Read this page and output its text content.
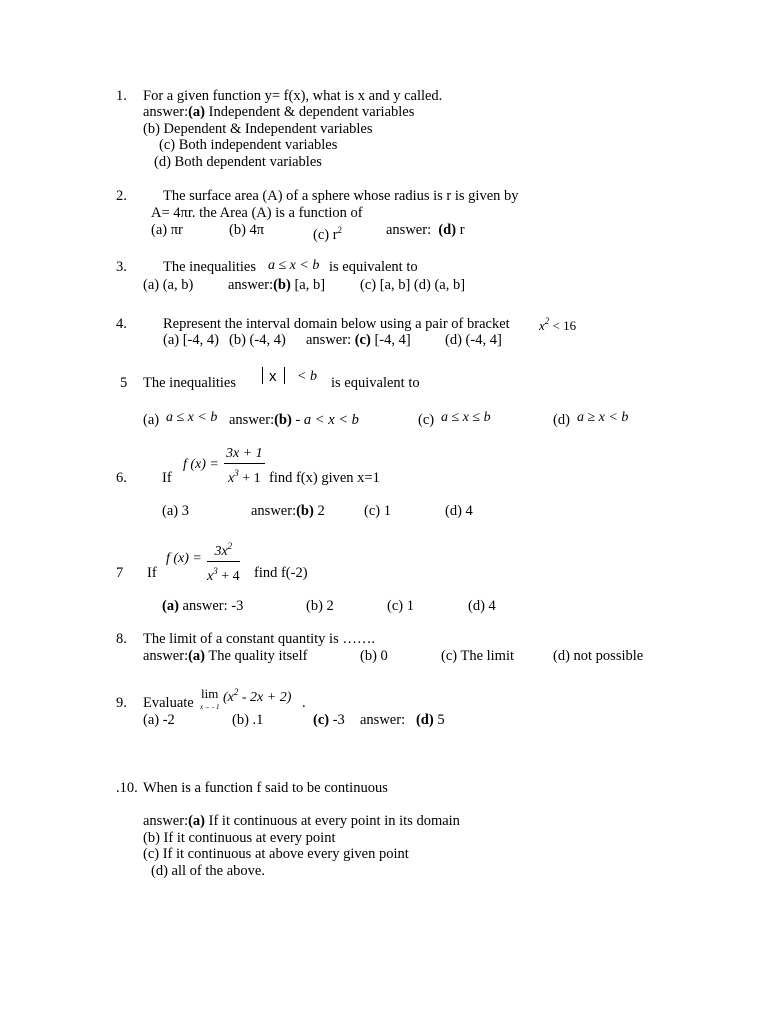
1. For a given function y= f(x), what is x and y called.
answer:(a) Independent & dependent variables
(b) Dependent & Independent variables
(c) Both independent variables
(d) Both dependent variables
2. The surface area (A) of a sphere whose radius is r is given by
A= 4πr. the Area (A) is a function of
(a) πr	(b) 4π	(c) $r^2$	answer: (d) r
3. The inequalities a ≤ x < b is equivalent to
(a) (a, b) answer:(b) [a, b] (c) [a, b] (d) (a, b]
4. Represent the interval domain below using a pair of bracket $x^2 < 16$
(a) [-4, 4) (b) (-4, 4) answer: (c) [-4, 4] (d) (-4, 4]
5 The inequalities x < b is equivalent to
(a) a ≤ x < b answer:(b) - a < x < b	(c) a ≤ x ≤ b	(d) a ≥ x < b
6. If
f $(x) = \frac{3x + 1}{x^3 + 1}$ find f(x) given x=1
(a) 3	answer:(b) 2	(c) 1	(d) 4
7 If
f $(x) = \frac{3x^2}{x^3 + 4}$ find f(-2)
(a) answer: -3	(b) 2	(c) 1	(d) 4
8. The limit of a constant quantity is …….
answer:(a) The quality itself	(b) 0	(c) The limit	(d) not possible
9. Evaluate
lim
x→ - 1
$(x^2 - 2x + 2)$ .
(a) -2	(b) .1	(c) -3 answer: (d) 5
.10. When is a function f said to be continuous
answer:(a) If it continuous at every point in its domain
(b) If it continuous at every point
(c) If it continuous at above every given point
(d) all of the above.
